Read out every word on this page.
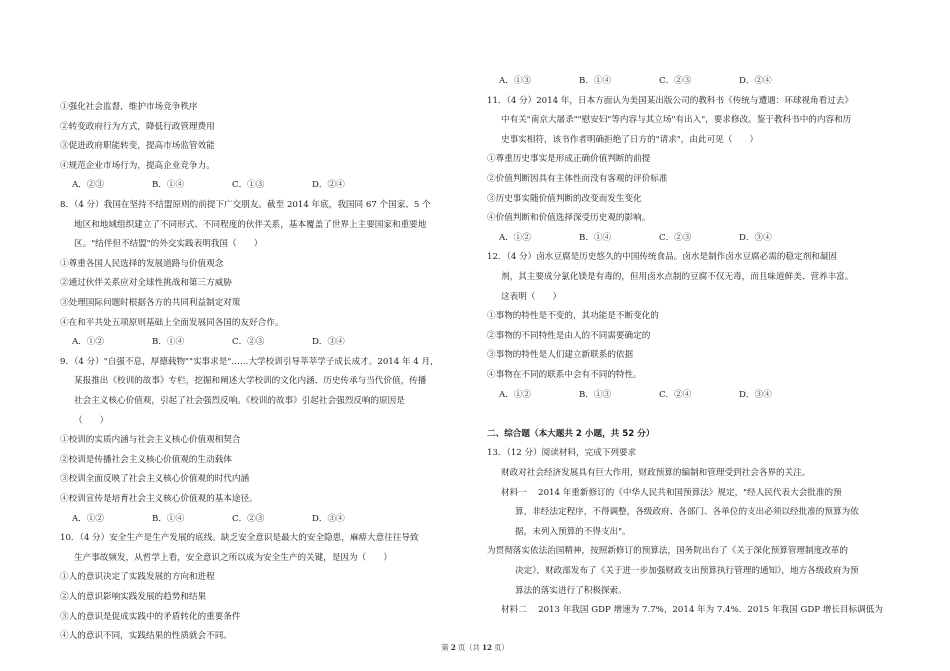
①强化社会监督，维护市场竞争秩序
②转变政府行为方式，降低行政管理费用
③促进政府职能转变，提高市场监管效能
④规范企业市场行为，提高企业竞争力。
A．②③	B．①④	C．①③	D．②④
8．（4 分）我国在坚持不结盟原则的前提下广交朋友。截至 2014 年底，我国同 67 个国家、5 个
地区和地域组织建立了不同形式、不同程度的伙伴关系，基本覆盖了世界上主要国家和重要地
区。"结伴但不结盟"的外交实践表明我国（　　）
①尊重各国人民选择的发展道路与价值观念
②通过伙伴关系应对全球性挑战和第三方威胁
③处理国际问题时根据各方的共同利益制定对策
④在和平共处五项原则基础上全面发展同各国的友好合作。
A．①②	B．①④	C．②③	D．③④
9．（4 分）"自强不息，厚德载物""实事求是"……大学校训引导莘莘学子成长成才。2014 年 4 月，
某报推出《校训的故事》专栏，挖掘和阐述大学校训的文化内涵、历史传承与当代价值，传播
社会主义核心价值观，引起了社会强烈反响。《校训的故事》引起社会强烈反响的原因是
（　　）
①校训的实质内涵与社会主义核心价值观相契合
②校训是传播社会主义核心价值观的生动载体
③校训全面反映了社会主义核心价值观的时代内涵
④校训宣传是培育社会主义核心价值观的基本途径。
A．①②	B．①④	C．②③	D．③④
10．（4 分）安全生产是生产发展的底线。缺乏安全意识是最大的安全隐患，麻痹大意往往导致
生产事故频发，从哲学上看，安全意识之所以成为安全生产的关键，是因为（　　）
①人的意识决定了实践发展的方向和进程
②人的意识影响实践发展的趋势和结果
③人的意识是促成实践中的矛盾转化的重要条件
④人的意识不同，实践结果的性质就会不同。
A．①③	B．①④	C．②③	D．②④
11．（4 分）2014 年，日本方面认为美国某出版公司的教科书《传统与遭遇：环球视角看过去》
中有关"南京大屠杀""慰安妇"等内容与其立场"有出入"，要求修改。鉴于教科书中的内容和历
史事实相符，该书作者明确拒绝了日方的"请求"，由此可见（　　）
①尊重历史事实是形成正确价值判断的前提
②价值判断因具有主体性而没有客观的评价标准
③历史事实随价值判断的改变而发生变化
④价值判断和价值选择深受历史观的影响。
A．①②	B．①④	C．②③	D．③④
12．（4 分）卤水豆腐是历史悠久的中国传统食品。卤水是制作卤水豆腐必需的稳定剂和凝固
剂，其主要成分氯化镁是有毒的，但用卤水点制的豆腐不仅无毒，而且味道鲜美、营养丰富。
这表明（　　）
①事物的特性是不变的，其功能是不断变化的
②事物的不同特性是由人的不同需要确定的
③事物的特性是人们建立新联系的依据
④事物在不同的联系中会有不同的特性。
A．①②	B．①③	C．②④	D．③④
二、综合题（本大题共 2 小题，共 52 分）
13．（12 分）阅读材料，完成下列要求
财政对社会经济发展具有巨大作用，财政预算的编制和管理受到社会各界的关注。
材料一　 2014 年重新修订的《中华人民共和国预算法》规定，"经人民代表大会批准的预
算，非经法定程序，不得调整，各级政府、各部门、各单位的支出必须以经批准的预算为依
据，未列入预算的不得支出"。
为贯彻落实依法治国精神，按照新修订的预算法，国务院出台了《关于深化预算管理制度改革的
决定》，财政部发布了《关于进一步加强财政支出预算执行管理的通知》，地方各级政府为预
算法的落实进行了积极探索。
材料二　 2013 年我国 GDP 增速为 7.7%，2014 年为 7.4%．2015 年我国 GDP 增长目标调低为
第 2 页（共 12 页）
